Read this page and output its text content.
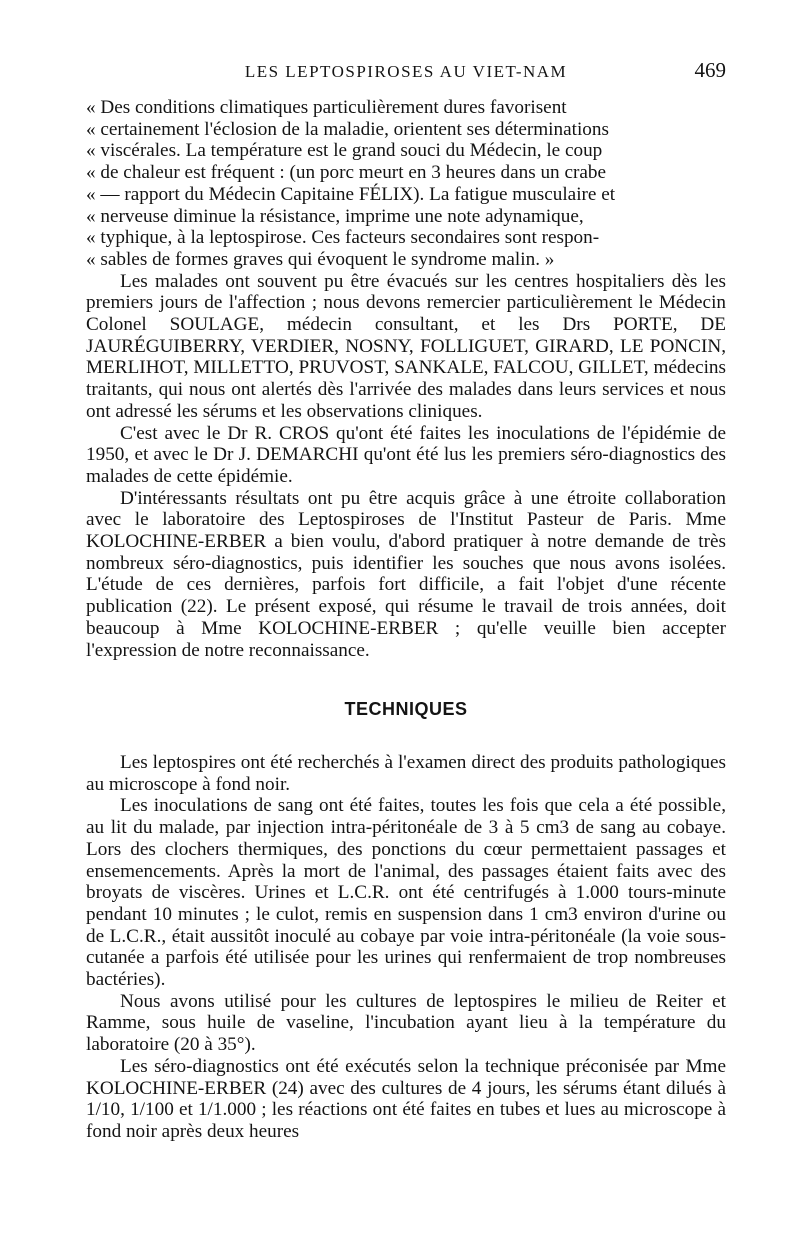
LES LEPTOSPIROSES AU VIET-NAM	469
« Des conditions climatiques particulièrement dures favorisent
« certainement l'éclosion de la maladie, orientent ses déterminations
« viscérales. La température est le grand souci du Médecin, le coup
« de chaleur est fréquent : (un porc meurt en 3 heures dans un crabe
« — rapport du Médecin Capitaine FÉLIX). La fatigue musculaire et
« nerveuse diminue la résistance, imprime une note adynamique,
« typhique, à la leptospirose. Ces facteurs secondaires sont respon-
« sables de formes graves qui évoquent le syndrome malin. »

Les malades ont souvent pu être évacués sur les centres hospitaliers dès les premiers jours de l'affection ; nous devons remercier particulièrement le Médecin Colonel SOULAGE, médecin consultant, et les Drs PORTE, DE JAURÉGUIBERRY, VERDIER, NOSNY, FOLLIGUET, GIRARD, LE PONCIN, MERLIHOT, MILLETTO, PRUVOST, SANKALE, FALCOU, GILLET, médecins traitants, qui nous ont alertés dès l'arrivée des malades dans leurs services et nous ont adressé les sérums et les observations cliniques.

C'est avec le Dr R. CROS qu'ont été faites les inoculations de l'épidémie de 1950, et avec le Dr J. DEMARCHI qu'ont été lus les premiers séro-diagnostics des malades de cette épidémie.

D'intéressants résultats ont pu être acquis grâce à une étroite collaboration avec le laboratoire des Leptospiroses de l'Institut Pasteur de Paris. Mme KOLOCHINE-ERBER a bien voulu, d'abord pratiquer à notre demande de très nombreux séro-diagnostics, puis identifier les souches que nous avons isolées. L'étude de ces dernières, parfois fort difficile, a fait l'objet d'une récente publication (22). Le présent exposé, qui résume le travail de trois années, doit beaucoup à Mme KOLOCHINE-ERBER ; qu'elle veuille bien accepter l'expression de notre reconnaissance.

TECHNIQUES

Les leptospires ont été recherchés à l'examen direct des produits pathologiques au microscope à fond noir.

Les inoculations de sang ont été faites, toutes les fois que cela a été possible, au lit du malade, par injection intra-péritonéale de 3 à 5 cm3 de sang au cobaye. Lors des clochers thermiques, des ponctions du cœur permettaient passages et ensemencements. Après la mort de l'animal, des passages étaient faits avec des broyats de viscères. Urines et L.C.R. ont été centrifugés à 1.000 tours-minute pendant 10 minutes ; le culot, remis en suspension dans 1 cm3 environ d'urine ou de L.C.R., était aussitôt inoculé au cobaye par voie intra-péritonéale (la voie sous-cutanée a parfois été utilisée pour les urines qui renfermaient de trop nombreuses bactéries).

Nous avons utilisé pour les cultures de leptospires le milieu de Reiter et Ramme, sous huile de vaseline, l'incubation ayant lieu à la température du laboratoire (20 à 35°).

Les séro-diagnostics ont été exécutés selon la technique préconisée par Mme KOLOCHINE-ERBER (24) avec des cultures de 4 jours, les sérums étant dilués à 1/10, 1/100 et 1/1.000 ; les réactions ont été faites en tubes et lues au microscope à fond noir après deux heures
